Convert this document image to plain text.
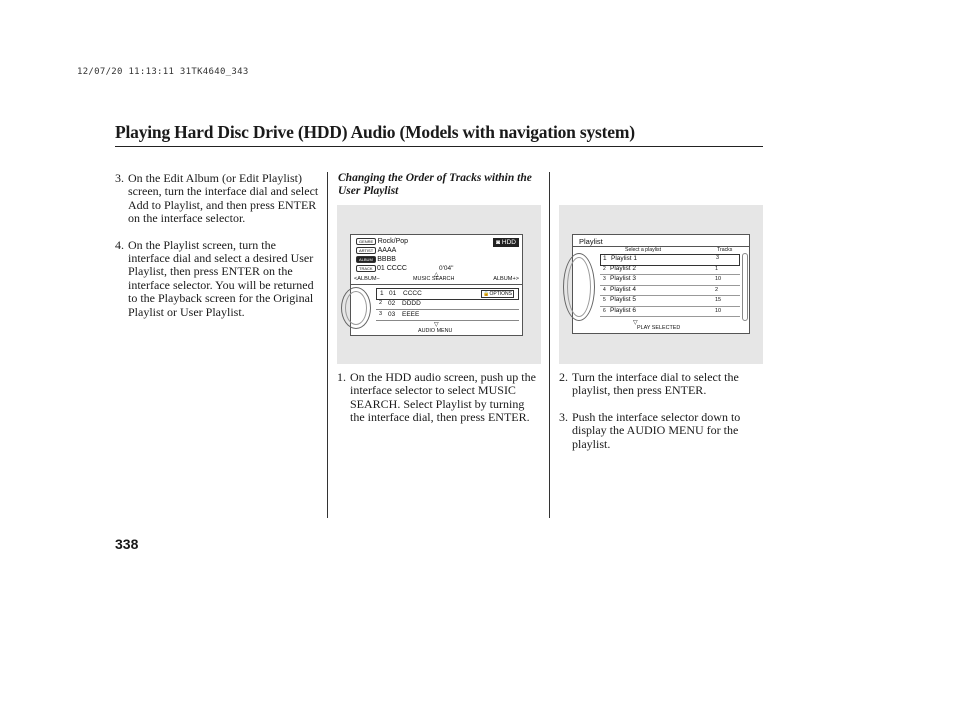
12/07/20 11:13:11 31TK4640_343
Playing Hard Disc Drive (HDD) Audio (Models with navigation system)
3. On the Edit Album (or Edit Playlist) screen, turn the interface dial and select Add to Playlist, and then press ENTER on the interface selector.
4. On the Playlist screen, turn the interface dial and select a desired User Playlist, then press ENTER on the interface selector. You will be returned to the Playback screen for the Original Playlist or User Playlist.
Changing the Order of Tracks within the User Playlist
GENRE Rock/Pop
ARTIST AAAA
ALBUM BBBB
TRACK 01 CCCC	0'04"
◙ HDD
△
<ALBUM−	MUSIC SEARCH	ALBUM+>
1 01 CCCC	🔒OPTIONS
2 02 DDDD
3 03 EEEE
▽
AUDIO MENU
1. On the HDD audio screen, push up the interface selector to select MUSIC SEARCH. Select Playlist by turning the interface dial, then press ENTER.
Playlist
Select a playlist	Tracks
1 Playlist 1	3
2 Playlist 2	1
3 Playlist 3	10
4 Playlist 4	2
5 Playlist 5	15
6 Playlist 6	10
▽
PLAY SELECTED
2. Turn the interface dial to select the playlist, then press ENTER.
3. Push the interface selector down to display the AUDIO MENU for the playlist.
338
